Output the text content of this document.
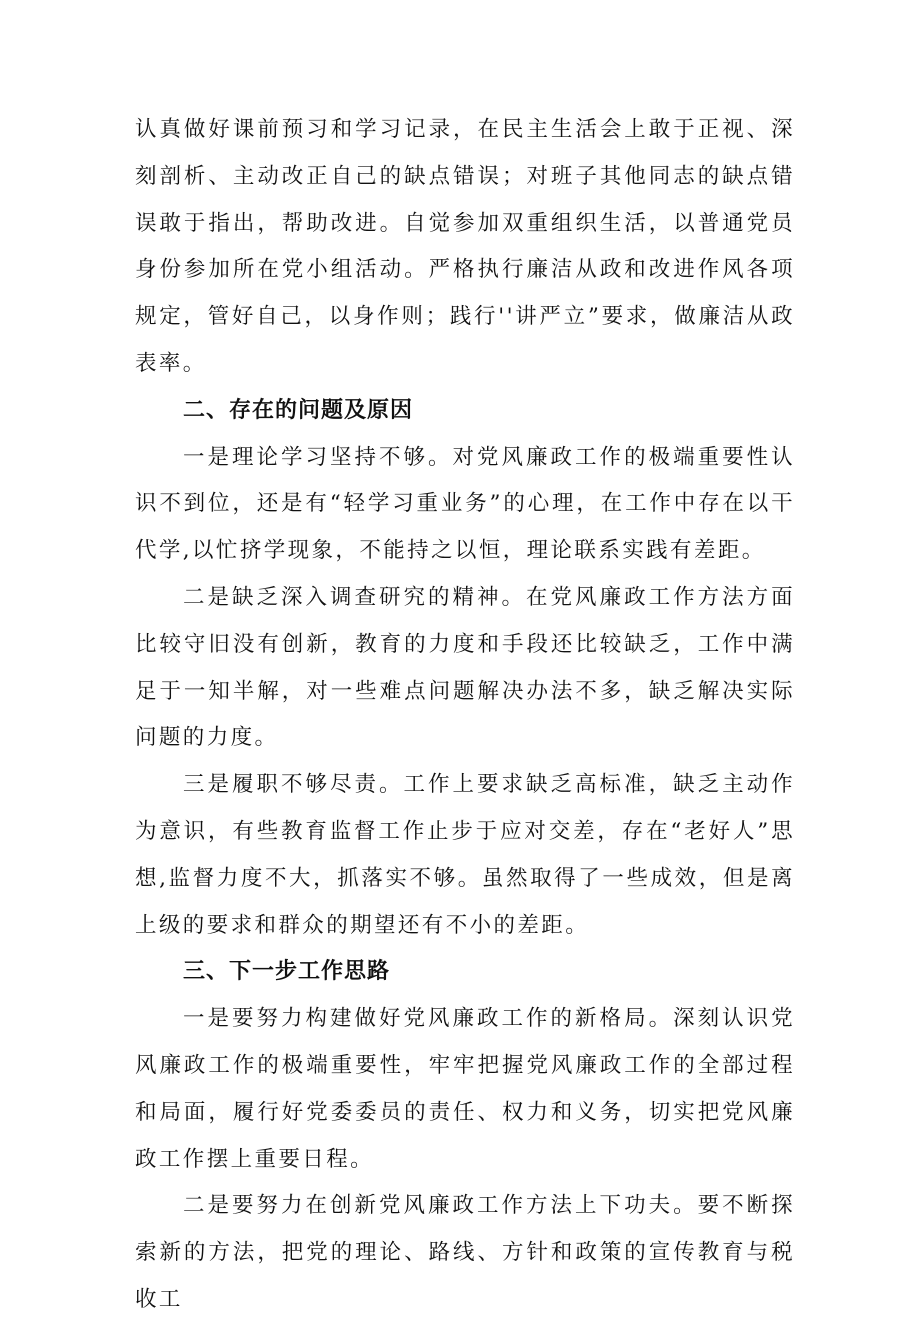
认真做好课前预习和学习记录，在民主生活会上敢于正视、深刻剖析、主动改正自己的缺点错误；对班子其他同志的缺点错误敢于指出，帮助改进。自觉参加双重组织生活，以普通党员身份参加所在党小组活动。严格执行廉洁从政和改进作风各项规定，管好自己，以身作则；践行''讲严立”要求，做廉洁从政表率。

二、存在的问题及原因

一是理论学习坚持不够。对党风廉政工作的极端重要性认识不到位，还是有“轻学习重业务”的心理，在工作中存在以干代学,以忙挤学现象，不能持之以恒，理论联系实践有差距。

二是缺乏深入调查研究的精神。在党风廉政工作方法方面比较守旧没有创新，教育的力度和手段还比较缺乏，工作中满足于一知半解，对一些难点问题解决办法不多，缺乏解决实际问题的力度。

三是履职不够尽责。工作上要求缺乏高标准，缺乏主动作为意识，有些教育监督工作止步于应对交差，存在“老好人”思想,监督力度不大，抓落实不够。虽然取得了一些成效，但是离上级的要求和群众的期望还有不小的差距。

三、下一步工作思路

一是要努力构建做好党风廉政工作的新格局。深刻认识党风廉政工作的极端重要性，牢牢把握党风廉政工作的全部过程和局面，履行好党委委员的责任、权力和义务，切实把党风廉政工作摆上重要日程。

二是要努力在创新党风廉政工作方法上下功夫。要不断探索新的方法，把党的理论、路线、方针和政策的宣传教育与税收工
